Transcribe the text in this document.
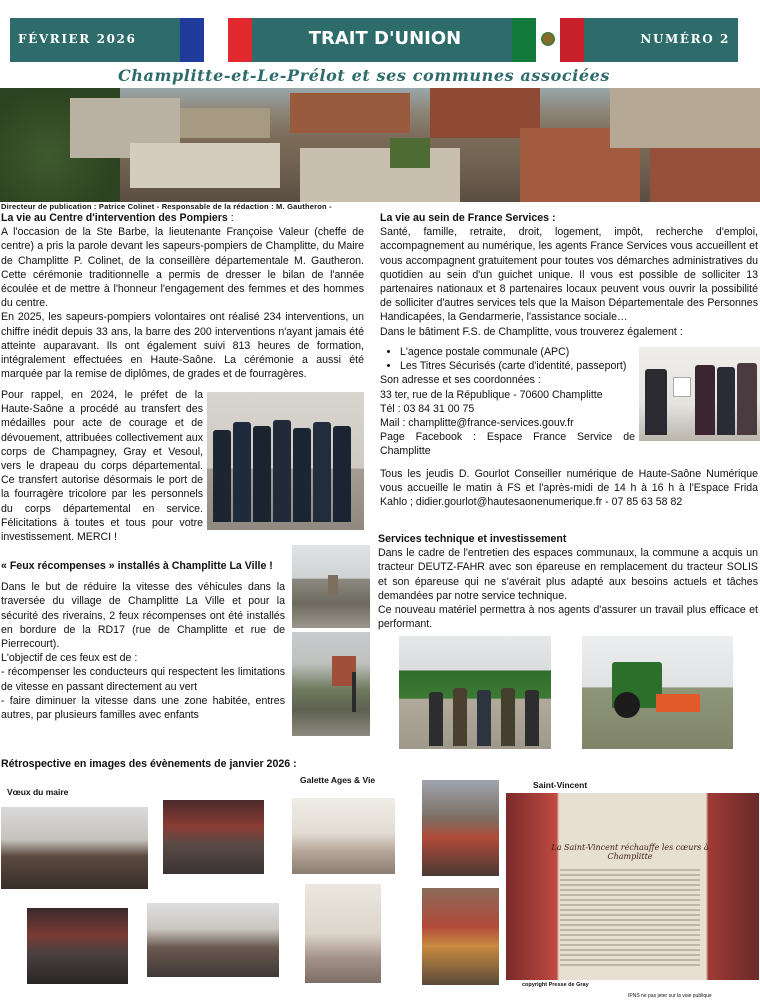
FÉVRIER 2026	TRAIT D'UNION	NUMÉRO 2
Champlitte-et-Le-Prélot et ses communes associées
Directeur de publication : Patrice Colinet - Responsable de la rédaction : M. Gautheron -

La vie au Centre d'intervention des Pompiers :

A l'occasion de la Ste Barbe, la lieutenante Françoise Valeur (cheffe de centre) a pris la parole devant les sapeurs-pompiers de Champlitte, du Maire de Champlitte P. Colinet, de la conseillère départementale M. Gautheron. Cette cérémonie traditionnelle a permis de dresser le bilan de l'année écoulée et de mettre à l'honneur l'engagement des femmes et des hommes du centre.

En 2025, les sapeurs-pompiers volontaires ont réalisé 234 interventions, un chiffre inédit depuis 33 ans, la barre des 200 interventions n'ayant jamais été atteinte auparavant. Ils ont également suivi 813 heures de formation, intégralement effectuées en Haute-Saône. La cérémonie a aussi été marquée par la remise de diplômes, de grades et de fourragères.

Pour rappel, en 2024, le préfet de la Haute-Saône a procédé au transfert des médailles pour acte de courage et de dévouement, attribuées collectivement aux corps de Champagney, Gray et Vesoul, vers le drapeau du corps départemental. Ce transfert autorise désormais le port de la fourragère tricolore par les personnels du corps départemental en service. Félicitations à toutes et tous pour votre investissement. MERCI !

« Feux récompenses » installés à Champlitte La Ville !

Dans le but de réduire la vitesse des véhicules dans la traversée du village de Champlitte La Ville et pour la sécurité des riverains, 2 feux récompenses ont été installés en bordure de la RD17 (rue de Champlitte et rue de Pierrecourt).

L'objectif de ces feux est de :

- récompenser les conducteurs qui respectent les limitations de vitesse en passant directement au vert

- faire diminuer la vitesse dans une zone habitée, entres autres, par plusieurs familles avec enfants

La vie au sein de France Services :

Santé, famille, retraite, droit, logement, impôt, recherche d'emploi, accompagnement au numérique, les agents France Services vous accueillent et vous accompagnent gratuitement pour toutes vos démarches administratives du quotidien au sein d'un guichet unique. Il vous est possible de solliciter 13 partenaires nationaux et 8 partenaires locaux peuvent vous ouvrir la possibilité de solliciter d'autres services tels que la Maison Départementale des Personnes Handicapées, la Gendarmerie, l'assistance sociale…

Dans le bâtiment F.S. de Champlitte, vous trouverez également :

• L'agence postale communale (APC)
• Les Titres Sécurisés (carte d'identité, passeport)

Son adresse et ses coordonnées :

33 ter, rue de la République - 70600 Champlitte

Tél : 03 84 31 00 75

Mail : champlitte@france-services.gouv.fr

Page Facebook : Espace France Service de Champlitte

Tous les jeudis D. Gourlot Conseiller numérique de Haute-Saône Numérique vous accueille le matin à FS et l'après-midi de 14 h à 16 h à l'Espace Frida Kahlo ; didier.gourlot@hautesaonenumerique.fr - 07 85 63 58 82

Services technique et investissement

Dans le cadre de l'entretien des espaces communaux, la commune a acquis un tracteur DEUTZ-FAHR avec son épareuse en remplacement du tracteur SOLIS et son épareuse qui ne s'avérait plus adapté aux besoins actuels et tâches demandées par notre service technique.

Ce nouveau matériel permettra à nos agents d'assurer un travail plus efficace et performant.

Rétrospective en images des évènements de janvier 2026 :
Vœux du maire
Galette Ages & Vie	Saint-Vincent
La Saint-Vincent réchauffe les cœurs à Champlitte
copyright Presse de Gray
IPNS ne pas jeter sur la voie publique
